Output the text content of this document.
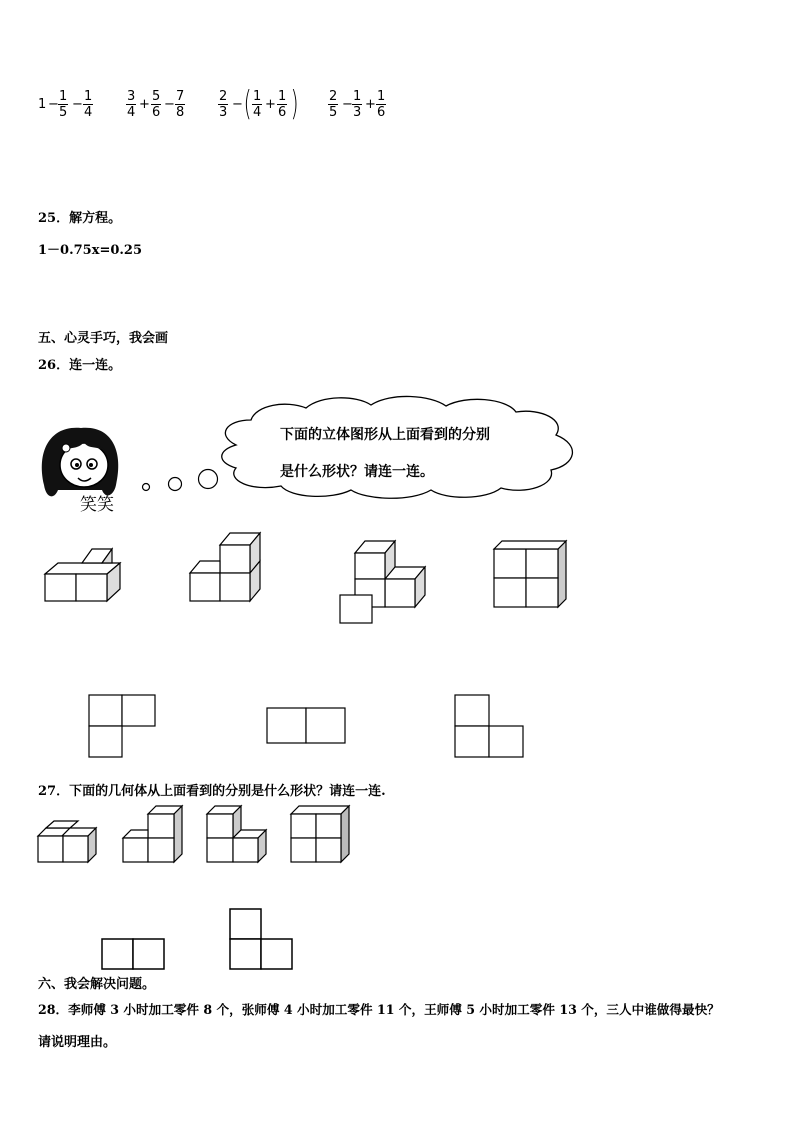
$1 - \frac{1}{5} - \frac{1}{4}$	$\frac{3}{4} + \frac{5}{6} - \frac{7}{8}$	$\frac{2}{3}$ − ( $\frac{1}{4} + \frac{1}{6}$ ) $\frac{2}{5} - \frac{1}{3} + \frac{1}{6}$
25．解方程。
1－0.75x=0.25
五、心灵手巧，我会画
26．连一连。
笑笑
下面的立体图形从上面看到的分别
是什么形状？请连一连。
27．下面的几何体从上面看到的分别是什么形状？请连一连.
六、我会解决问题。
28．李师傅 3 小时加工零件 8 个，张师傅 4 小时加工零件 11 个，王师傅 5 小时加工零件 13 个，三人中谁做得最快？
请说明理由。
